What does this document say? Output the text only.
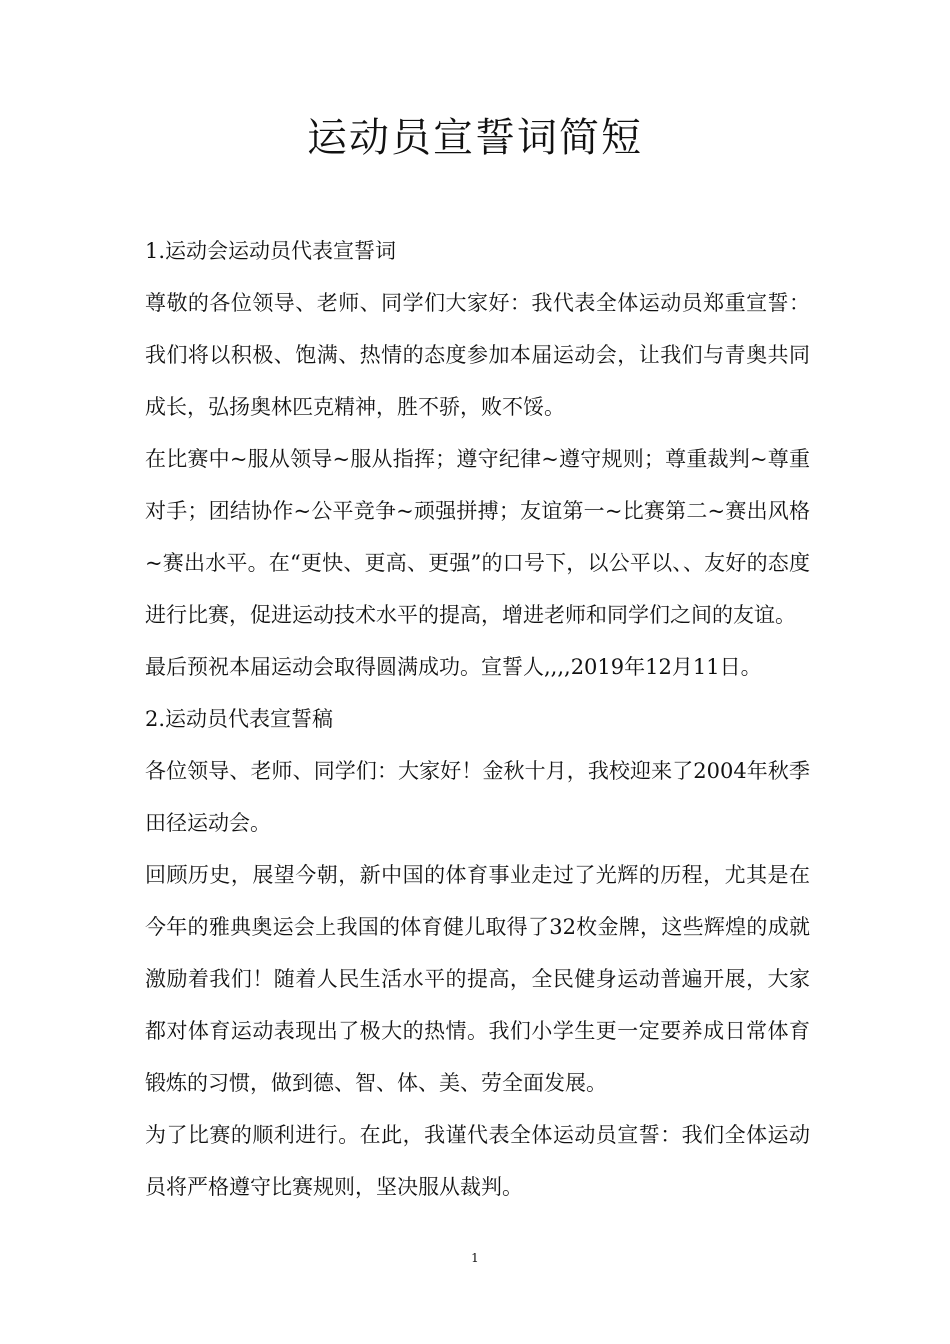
运动员宣誓词简短

1.运动会运动员代表宣誓词

尊敬的各位领导、老师、同学们大家好：我代表全体运动员郑重宣誓：我们将以积极、饱满、热情的态度参加本届运动会，让我们与青奥共同成长，弘扬奥林匹克精神，胜不骄，败不馁。

在比赛中~服从领导~服从指挥；遵守纪律~遵守规则；尊重裁判~尊重对手；团结协作~公平竞争~顽强拼搏；友谊第一~比赛第二~赛出风格~赛出水平。在“更快、更高、更强”的口号下，以公平以、、友好的态度进行比赛，促进运动技术水平的提高，增进老师和同学们之间的友谊。

最后预祝本届运动会取得圆满成功。宣誓人,,,,2019年12月11日。

2.运动员代表宣誓稿

各位领导、老师、同学们：大家好！金秋十月，我校迎来了2004年秋季田径运动会。

回顾历史，展望今朝，新中国的体育事业走过了光辉的历程，尤其是在今年的雅典奥运会上我国的体育健儿取得了32枚金牌，这些辉煌的成就激励着我们！随着人民生活水平的提高，全民健身运动普遍开展，大家都对体育运动表现出了极大的热情。我们小学生更一定要养成日常体育锻炼的习惯，做到德、智、体、美、劳全面发展。

为了比赛的顺利进行。在此，我谨代表全体运动员宣誓：我们全体运动员将严格遵守比赛规则，坚决服从裁判。

1
